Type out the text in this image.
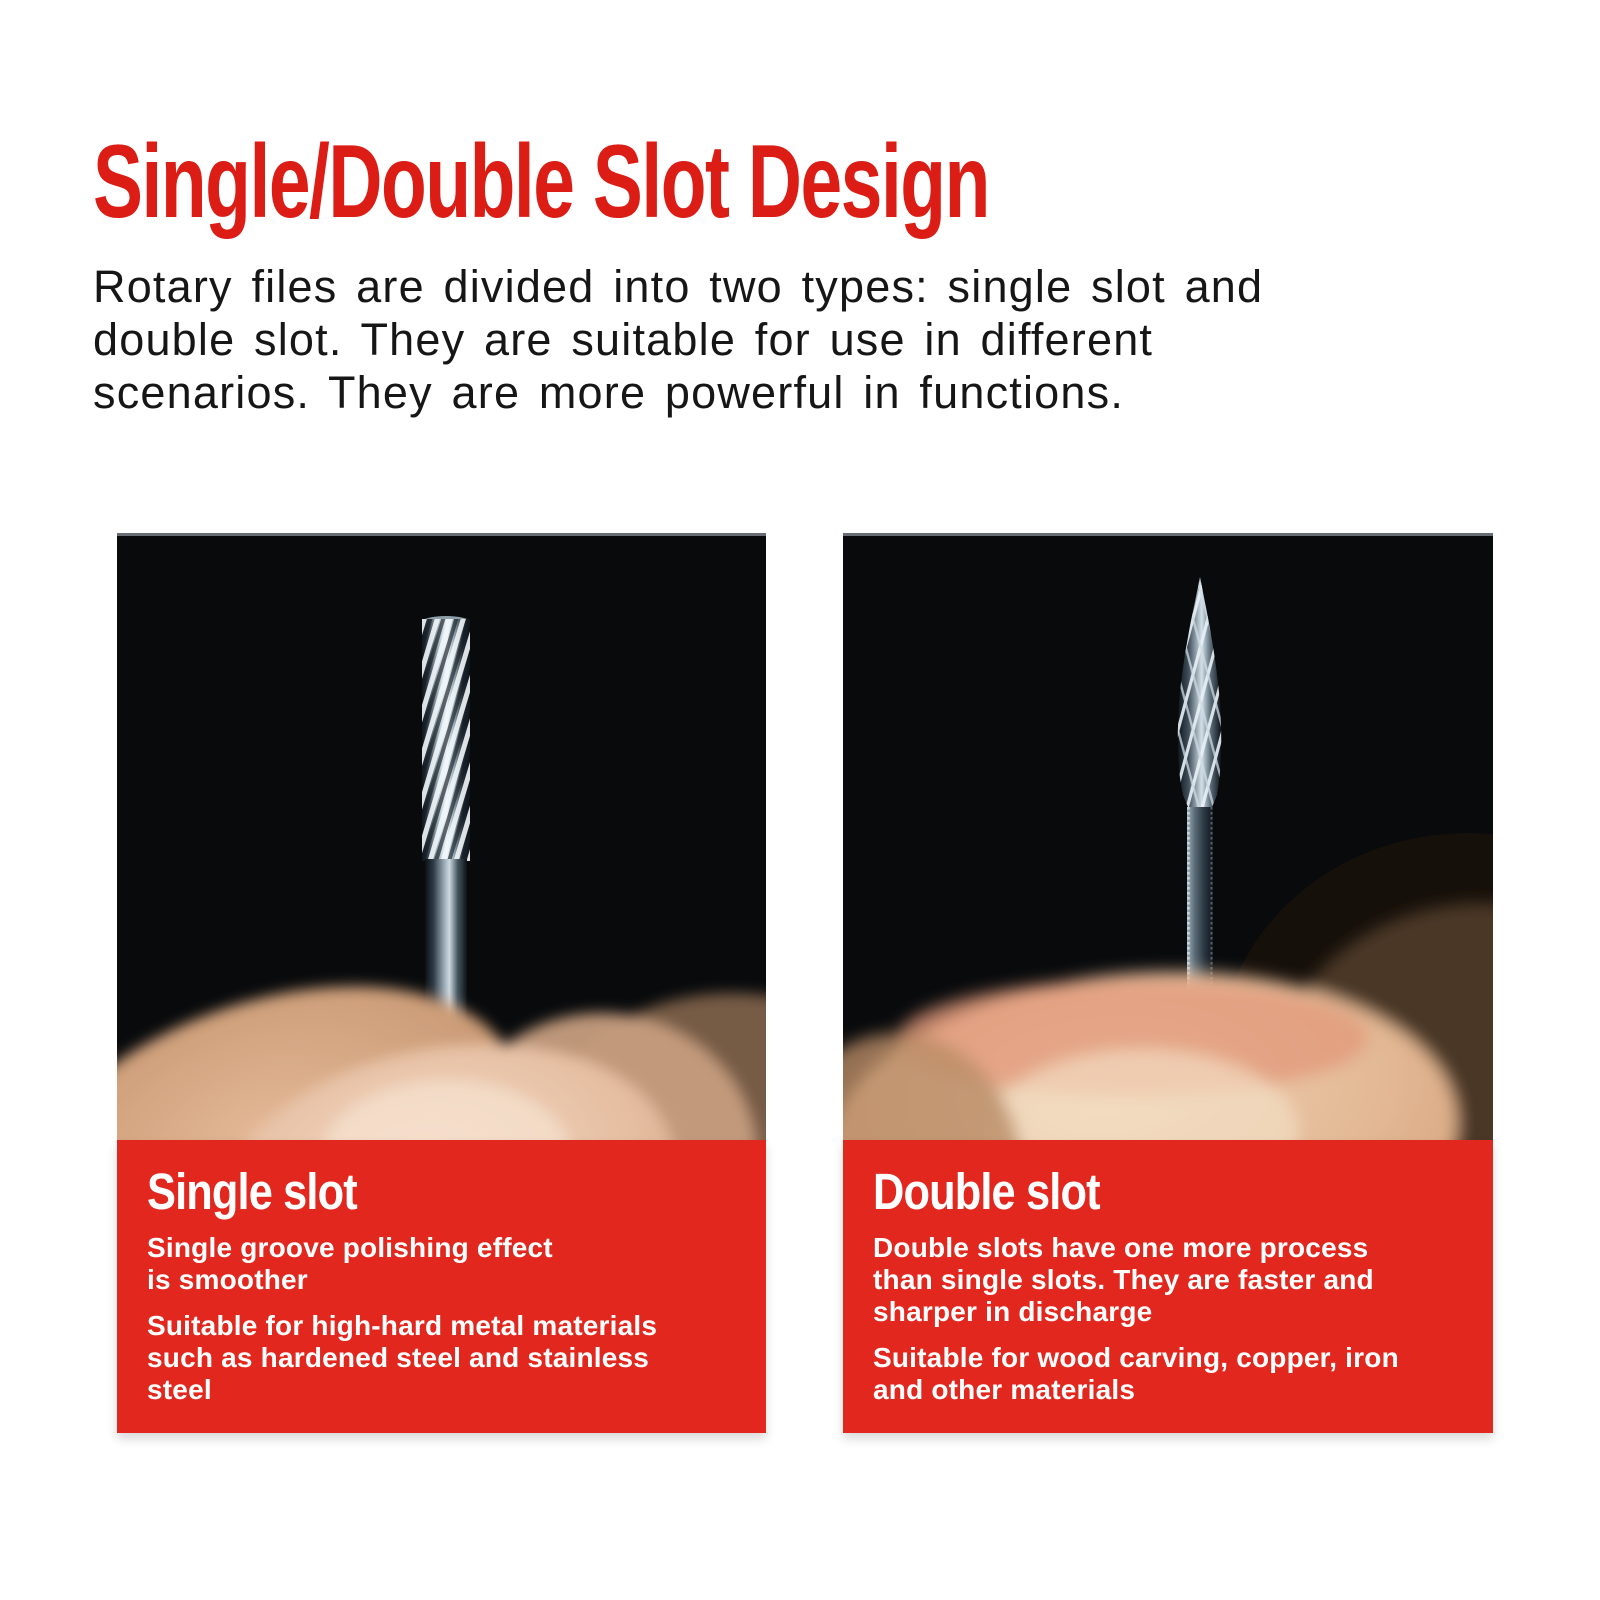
Single/Double Slot Design
Rotary files are divided into two types: single slot and
double slot. They are suitable for use in different
scenarios. They are more powerful in functions.
Single slot
Single groove polishing effect
is smoother
Suitable for high-hard metal materials
such as hardened steel and stainless
steel
Double slot
Double slots have one more process
than single slots. They are faster and
sharper in discharge
Suitable for wood carving, copper, iron
and other materials
